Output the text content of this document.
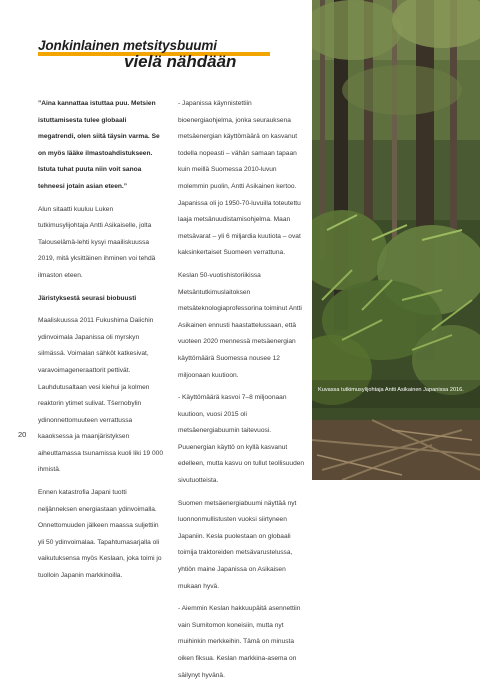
Jonkinlainen metsitysbuumi
vielä nähdään

”Aina kannattaa istuttaa puu. Metsien istuttamisesta tulee globaali megatrendi, olen siitä täysin varma. Se on myös lääke ilmastoahdistukseen. Istuta tuhat puuta niin voit sanoa tehneesi jotain asian eteen.”

Alun sitaatti kuuluu Luken tutkimusylijohtaja Antti Asikaiselle, jolta Talouselämä-lehti kysyi maailiskuussa 2019, mitä yksittäinen ihminen voi tehdä ilmaston eteen.

Järistyksestä seurasi biobuusti

Maaliskuussa 2011 Fukushima Daiichin ydinvoimala Japanissa oli myrskyn silmässä. Voimalan sähköt katkesivat, varavoimageneraattorit pettivät. Lauhdutusaltaan vesi kiehui ja kolmen reaktorin ytimet sulivat. Tšernobylin ydinonnettomuuteen verrattussa kaaoksessa ja maanjäristyksen aiheuttamassa tsunamissa kuoli liki 19 000 ihmistä.

Ennen katastrofia Japani tuotti neljänneksen energiastaan ydinvoimalla. Onnettomuuden jälkeen maassa suljettiin yli 50 ydinvoimalaa. Tapahtumasarjalla oli vaikutuksensa myös Keslaan, joka toimi jo tuolloin Japanin markkinoilla.

- Japanissa käynnistettiin bioenergiaohjelma, jonka seurauksena metsäenergian käyttömäärä on kasvanut todella nopeasti – vähän samaan tapaan kuin meillä Suomessa 2010-luvun molemmin puolin, Antti Asikainen kertoo. Japanissa oli jo 1950-70-luvuilla toteutettu laaja metsänuudistamisohjelma. Maan metsävarat – yli 6 miljardia kuutiota – ovat kaksinkertaiset Suomeen verrattuna.

Keslan 50-vuotishistoriikissa Metsäntutkimuslaitoksen metsäteknologiaprofessorina toiminut Antti Asikainen ennusti haastattelussaan, että vuoteen 2020 mennessä metsäenergian käyttömäärä Suomessa nousee 12 miljoonaan kuutioon.

- Käyttömäärä kasvoi 7–8 miljoonaan kuutioon, vuosi 2015 oli metsäenergiabuumin taitevuosi. Puuenergian käyttö on kyllä kasvanut edelleen, mutta kasvu on tullut teollisuuden sivutuotteista.

Suomen metsäenergiabuumi näyttää nyt luonnonmullistusten vuoksi siirtyneen Japaniin. Kesla puolestaan on globaali toimija traktoreiden metsävarustelussa, yhtiön maine Japanissa on Asikaisen mukaan hyvä.

- Aiemmin Keslan hakkuupäitä asennettiin vain Sumitomon koneisiin, mutta nyt muihinkin merkkeihin. Tämä on minusta oiken fiksua. Keslan markkina-asema on säilynyt hyvänä.

20
Kuvassa tutkimusylijohtaja Antti Asikainen Japanissa 2016.
